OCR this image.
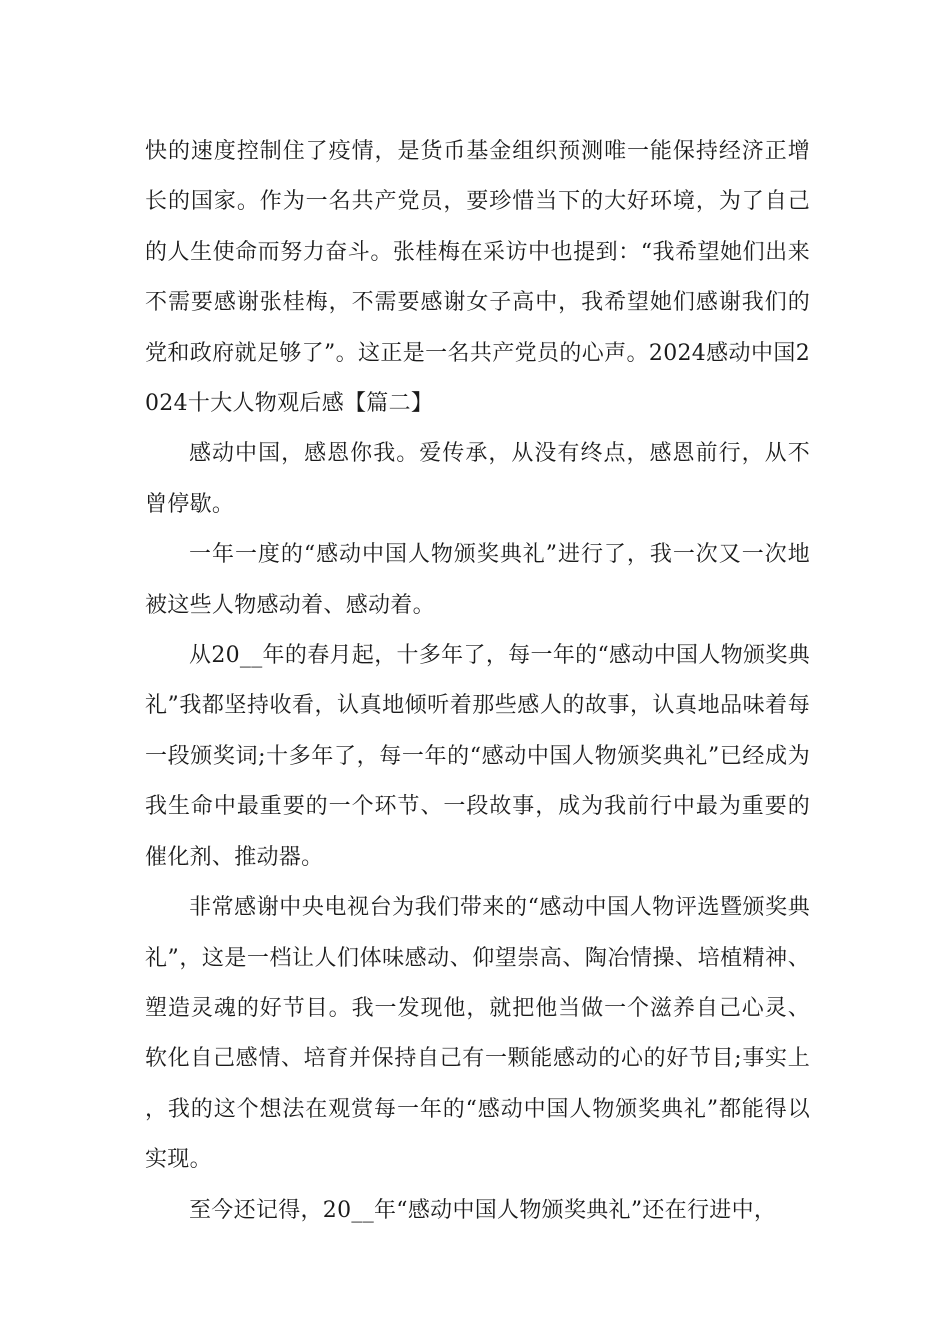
快的速度控制住了疫情，是货币基金组织预测唯一能保持经济正增长的国家。作为一名共产党员，要珍惜当下的大好环境，为了自己的人生使命而努力奋斗。张桂梅在采访中也提到：“我希望她们出来不需要感谢张桂梅，不需要感谢女子高中，我希望她们感谢我们的党和政府就足够了”。这正是一名共产党员的心声。2024感动中国2024十大人物观后感【篇二】

感动中国，感恩你我。爱传承，从没有终点，感恩前行，从不曾停歇。

一年一度的“感动中国人物颁奖典礼”进行了，我一次又一次地被这些人物感动着、感动着。

从20__年的春月起，十多年了，每一年的“感动中国人物颁奖典礼”我都坚持收看，认真地倾听着那些感人的故事，认真地品味着每一段颁奖词;十多年了，每一年的“感动中国人物颁奖典礼”已经成为我生命中最重要的一个环节、一段故事，成为我前行中最为重要的催化剂、推动器。

非常感谢中央电视台为我们带来的“感动中国人物评选暨颁奖典礼”，这是一档让人们体味感动、仰望崇高、陶冶情操、培植精神、塑造灵魂的好节目。我一发现他，就把他当做一个滋养自己心灵、软化自己感情、培育并保持自己有一颗能感动的心的好节目;事实上，我的这个想法在观赏每一年的“感动中国人物颁奖典礼”都能得以实现。

至今还记得，20__年“感动中国人物颁奖典礼”还在行进中，
